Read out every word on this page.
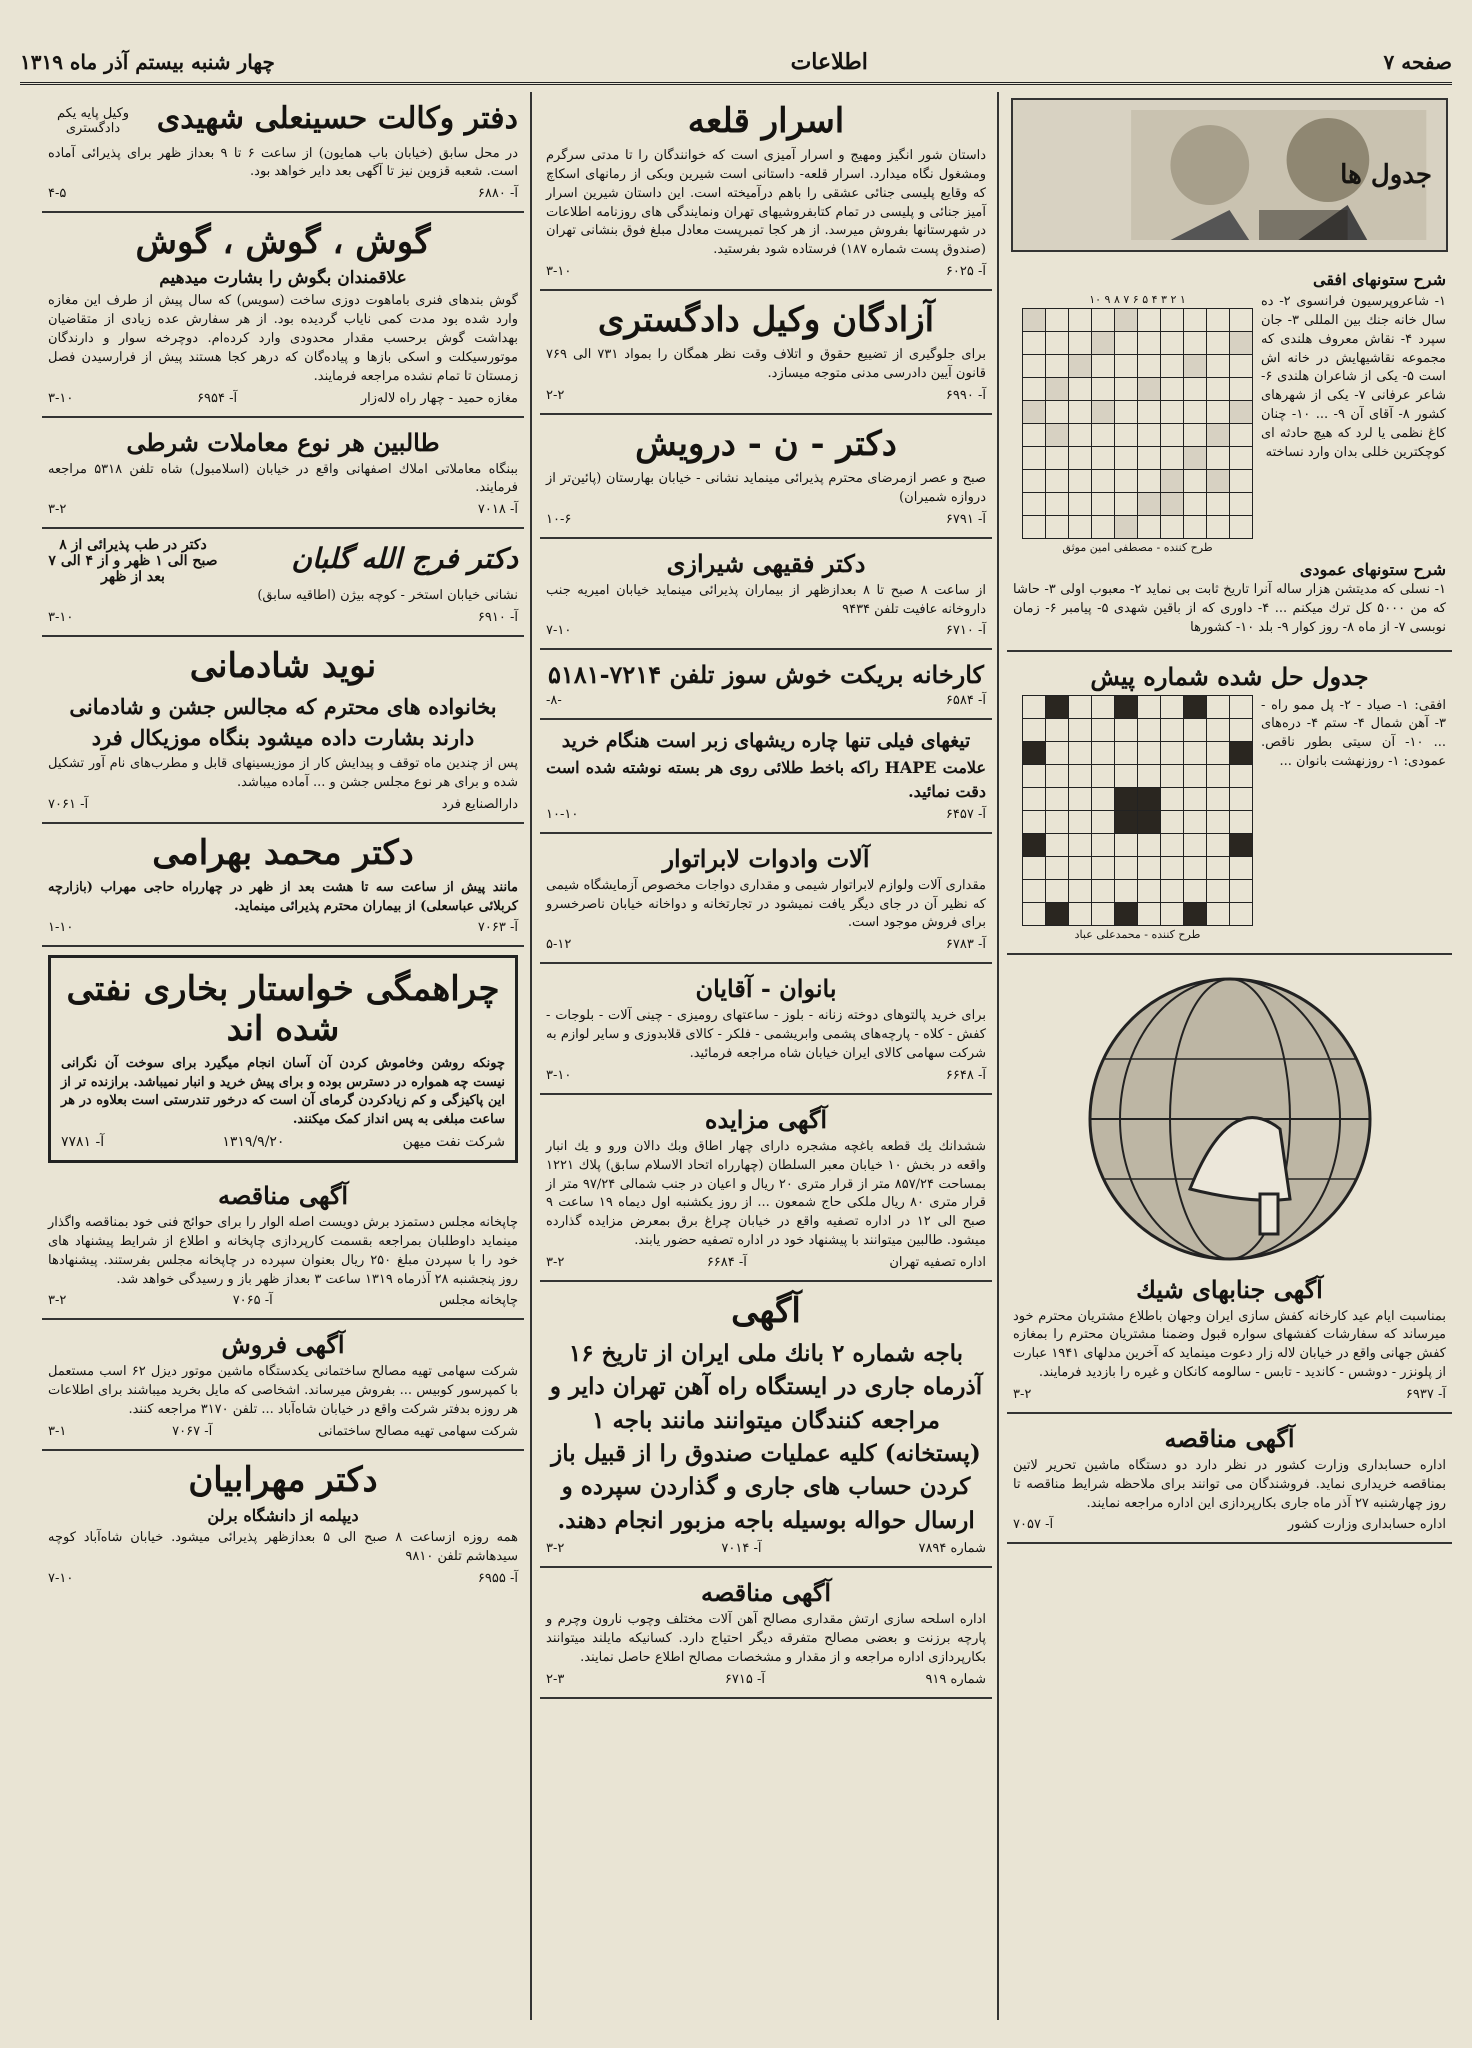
صفحه ۷
اطلاعات
چهار شنبه بیستم آذر ماه ۱۳۱۹
جدول ها
شرح ستونهای افقی

۱- شاعروپرسیون فرانسوی ۲- ده سال خانه جنك بین المللی ۳- جان سپرد ۴- نقاش معروف هلندی که مجموعه نقاشیهایش در خانه اش است ۵- یکی از شاعران هلندی ۶- شاعر عرفانی ۷- یکی از شهرهای کشور ۸- آقای آن ۹- ... ۱۰- چنان کاغ نظمی یا لرد که هیچ حادثه ای کوچکترین خللی بدان وارد نساخته

۱ ۲ ۳ ۴ ۵ ۶ ۷ ۸ ۹ ۱۰

طرح کننده - مصطفی امین موثق
شرح ستونهای عمودی

۱- نسلی که مدیتشن هزار ساله آنرا تاریخ ثابت بی نماید ۲- معبوب اولی ۳- حاشا که من ۵۰۰۰ کل ترك میکنم ... ۴- داوری که از باقین شهدی ۵- پیامبر ۶- زمان نوبسی ۷- از ماه ۸- روز کوار ۹- بلد ۱۰- کشورها

جدول حل شده شماره پیش

افقی: ۱- صیاد - ۲- پل ممو راه - ۳- آهن شمال ۴- ستم ۴- دره‌های ... ۱۰- آن سیتی بطور ناقص. عمودی: ۱- روزنهشت بانوان ...

طرح کننده - محمدعلی عباد
آگهی جنابهای شیك

بمناسبت ایام عید کارخانه کفش سازی ایران وجهان باطلاع مشتریان محترم خود میرساند که سفارشات کفشهای سواره قبول وضمنا مشتریان محترم را بمغازه کفش جهانی واقع در خیابان لاله زار دعوت مینماید که آخرین مدلهای ۱۹۴۱ عبارت از پلونزر - دوشس - کاندید - تابس - سالومه کانکان و غیره را بازدید فرمایند.

آ- ۶۹۳۷
۳-۲
آگهی مناقصه

اداره حسابداری وزارت کشور در نظر دارد دو دستگاه ماشین تحریر لاتین بمناقصه خریداری نماید. فروشندگان می توانند برای ملاحظه شرایط مناقصه تا روز چهارشنبه ۲۷ آذر ماه جاری بکارپردازی این اداره مراجعه نمایند.

اداره حسابداری وزارت کشور
آ- ۷۰۵۷
اسرار قلعه

داستان شور انگیز ومهیج و اسرار آمیزی است که خوانندگان را تا مدتی سرگرم ومشغول نگاه میدارد. اسرار قلعه- داستانی است شیرین وبکی از رمانهای اسکاچ که وقایع پلیسی جنائی عشقی را باهم درآمیخته است. این داستان شیرین اسرار آمیز جنائی و پلیسی در تمام کتابفروشیهای تهران ونمایندگی های روزنامه اطلاعات در شهرستانها بفروش میرسد. از هر کجا تمبرپست معادل مبلغ فوق بنشانی تهران (صندوق پست شماره ۱۸۷) فرستاده شود بفرستید.

آ- ۶۰۲۵
۳-۱۰
آزادگان وکیل دادگستری

برای جلوگیری از تضییع حقوق و اتلاف وقت نظر همگان را بمواد ۷۳۱ الی ۷۶۹ قانون آیین دادرسی مدنی متوجه میسازد.

آ- ۶۹۹۰
۲-۲
دکتر - ن - درویش

صبح و عصر ازمرضای محترم پذیرائی مینماید نشانی - خیابان بهارستان (پائین‌تر از دروازه شمیران)

آ- ۶۷۹۱
۱۰-۶
دکتر فقیهی شیرازی

از ساعت ۸ صبح تا ۸ بعدازظهر از بیماران پذیرائی مینماید خیابان امیریه جنب داروخانه عافیت تلفن ۹۴۳۴

آ- ۶۷۱۰
۷-۱۰
کارخانه بریکت خوش سوز تلفن ۷۲۱۴-۵۱۸۱
آ- ۶۵۸۴
-۸-
تیغهای فیلی تنها چاره ریشهای زبر است هنگام خرید

علامت HAPE راکه باخط طلائی روی هر بسته نوشته شده است دقت نمائید.

آ- ۶۴۵۷
۱۰-۱۰
آلات وادوات لابراتوار

مقداری آلات ولوازم لابراتوار شیمی و مقداری دواجات مخصوص آزمایشگاه شیمی که نظیر آن در جای دیگر یافت نمیشود در تجارتخانه و دواخانه خیابان ناصرخسرو برای فروش موجود است.

آ- ۶۷۸۳
۵-۱۲
بانوان - آقایان

برای خرید پالتوهای دوخته زنانه - بلوز - ساعتهای رومیزی - چینی آلات - بلوجات - کفش - کلاه - پارچه‌های پشمی وابریشمی - فلکر - کالای قلابدوزی و سایر لوازم به شرکت سهامی کالای ایران خیابان شاه مراجعه فرمائید.

آ- ۶۶۴۸
۳-۱۰
آگهی مزایده

ششدانك یك قطعه باغچه مشجره دارای چهار اطاق وبك دالان ورو و یك انبار واقعه در بخش ۱۰ خیابان معبر السلطان (چهارراه اتحاد الاسلام سابق) پلاك ۱۲۲۱ بمساحت ۸۵۷/۲۴ متر از قرار متری ۲۰ ریال و اعیان در جنب شمالی ۹۷/۲۴ متر از قرار متری ۸۰ ریال ملکی حاج شمعون ... از روز یکشنبه اول دیماه ۱۹ ساعت ۹ صبح الی ۱۲ در اداره تصفیه واقع در خیابان چراغ برق بمعرض مزایده گذارده میشود. طالبین میتوانند با پیشنهاد خود در اداره تصفیه حضور یابند.

اداره تصفیه تهران
آ- ۶۶۸۴
۳-۲
آگهی

باجه شماره ۲ بانك ملی ایران از تاریخ ۱۶ آذرماه جاری در ایستگاه راه آهن تهران دایر و مراجعه کنندگان میتوانند مانند باجه ۱ (پستخانه) کلیه عملیات صندوق را از قبیل باز کردن حساب های جاری و گذاردن سپرده و ارسال حواله بوسیله باجه مزبور انجام دهند.

شماره ۷۸۹۴
آ- ۷۰۱۴
۳-۲
آگهی مناقصه

اداره اسلحه سازی ارتش مقداری مصالح آهن آلات مختلف وچوب نارون وچرم و پارچه برزنت و بعضی مصالح متفرقه دیگر احتیاج دارد. کسانیکه مایلند میتوانند بکارپردازی اداره مراجعه و از مقدار و مشخصات مصالح اطلاع حاصل نمایند.

شماره ۹۱۹
آ- ۶۷۱۵
۲-۳
دفتر وکالت حسینعلی شهیدی
وکیل پایه یکم دادگستری

در محل سابق (خیابان باب همایون) از ساعت ۶ تا ۹ بعداز ظهر برای پذیرائی آماده است. شعبه قزوین نیز تا آگهی بعد دایر خواهد بود.

آ- ۶۸۸۰
۴-۵
گوش ، گوش ، گوش
علاقمندان بگوش را بشارت میدهیم

گوش بندهای فنری باماهوت دوزی ساخت (سویس) که سال پیش از طرف این مغازه وارد شده بود مدت کمی نایاب گردیده بود. از هر سفارش عده زیادی از متقاضیان بهداشت گوش برحسب مقدار محدودی وارد کرده‌ام. دوچرخه سوار و دارندگان موتورسیکلت و اسکی بازها و پیاده‌گان که درهر کجا هستند پیش از فرارسیدن فصل زمستان تا تمام نشده مراجعه فرمایند.

مغازه حمید - چهار راه لاله‌زار
آ- ۶۹۵۴
۳-۱۰
طالبین هر نوع معاملات شرطی

ببنگاه معاملاتی املاك اصفهانی واقع در خیابان (اسلامبول) شاه تلفن ۵۳۱۸ مراجعه فرمایند.

آ- ۷۰۱۸
۳-۲
دکتر فرج الله گلبان
دکتر در طب پذیرائی از ۸ صبح الی ۱ ظهر و از ۴ الی ۷ بعد از ظهر

نشانی خیابان استخر - کوچه بیژن (اطاقیه سابق)

آ- ۶۹۱۰
۳-۱۰
نوید شادمانی

بخانواده های محترم که مجالس جشن و شادمانی دارند بشارت داده میشود بنگاه موزیکال فرد

پس از چندین ماه توقف و پیدایش کار از موزیسینهای قابل و مطرب‌های نام آور تشکیل شده و برای هر نوع مجلس جشن و ... آماده میباشد.

دارالصنایع فرد
آ- ۷۰۶۱
دکتر محمد بهرامی

مانند پیش از ساعت سه تا هشت بعد از ظهر در چهارراه حاجی مهراب (بازارچه کربلائی عباسعلی) از بیماران محترم پذیرائی مینماید.

آ- ۷۰۶۳
۱-۱۰
چراهمگی خواستار بخاری نفتی شده اند

چونکه روشن وخاموش کردن آن آسان انجام میگیرد برای سوخت آن نگرانی نیست چه همواره در دسترس بوده و برای پیش خرید و انبار نمیباشد. برازنده تر از این پاکیزگی و کم زیادکردن گرمای آن است که درخور تندرستی است بعلاوه در هر ساعت مبلغی به پس انداز کمک میکنند.

شرکت نفت میهن
۱۳۱۹/۹/۲۰
آ- ۷۷۸۱
آگهی مناقصه

چاپخانه مجلس دستمزد برش دویست اصله الوار را برای حوائج فنی خود بمناقصه واگذار مینماید داوطلبان بمراجعه بقسمت کارپردازی چاپخانه و اطلاع از شرایط پیشنهاد های خود را با سپردن مبلغ ۲۵۰ ریال بعنوان سپرده در چاپخانه مجلس بفرستند. پیشنهادها روز پنجشنبه ۲۸ آذرماه ۱۳۱۹ ساعت ۳ بعداز ظهر باز و رسیدگی خواهد شد.

چاپخانه مجلس
آ- ۷۰۶۵
۳-۲
آگهی فروش

شرکت سهامی تهیه مصالح ساختمانی یکدستگاه ماشین موتور دیزل ۶۲ اسب مستعمل با کمپرسور کوبیس ... بفروش میرساند. اشخاصی که مایل بخرید میباشند برای اطلاعات هر روزه بدفتر شرکت واقع در خیابان شاه‌آباد ... تلفن ۳۱۷۰ مراجعه کنند.

شرکت سهامی تهیه مصالح ساختمانی
آ- ۷۰۶۷
۳-۱
دکتر مهرابیان
دیپلمه از دانشگاه برلن

همه روزه ازساعت ۸ صبح الی ۵ بعدازظهر پذیرائی میشود. خیابان شاه‌آباد کوچه سیدهاشم تلفن ۹۸۱۰

آ- ۶۹۵۵
۷-۱۰
